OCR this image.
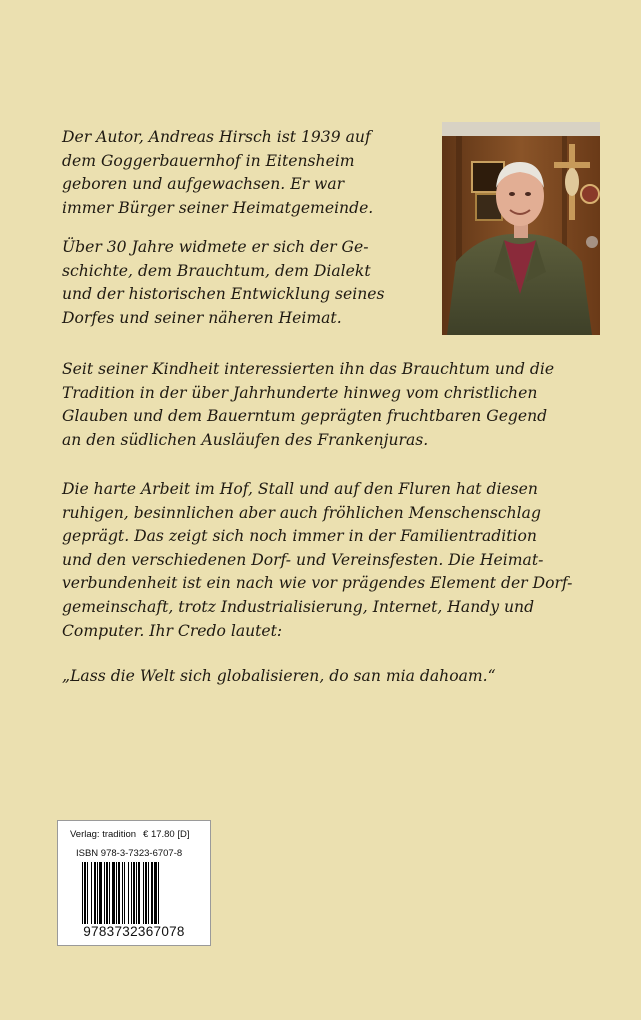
Der Autor, Andreas Hirsch ist 1939 auf
dem Goggerbauernhof in Eitensheim
geboren und aufgewachsen. Er war
immer Bürger seiner Heimatgemeinde.
Über 30 Jahre widmete er sich der Ge-
schichte, dem Brauchtum, dem Dialekt
und der historischen Entwicklung seines
Dorfes und seiner näheren Heimat.
Seit seiner Kindheit interessierten ihn das Brauchtum und die
Tradition in der über Jahrhunderte hinweg vom christlichen
Glauben und dem Bauerntum geprägten fruchtbaren Gegend
an den südlichen Ausläufen des Frankenjuras.
Die harte Arbeit im Hof, Stall und auf den Fluren hat diesen
ruhigen, besinnlichen aber auch fröhlichen Menschenschlag
geprägt. Das zeigt sich noch immer in der Familientradition
und den verschiedenen Dorf- und Vereinsfesten. Die Heimat-
verbundenheit ist ein nach wie vor prägendes Element der Dorf-
gemeinschaft, trotz Industrialisierung, Internet, Handy und
Computer. Ihr Credo lautet:
„Lass die Welt sich globalisieren, do san mia dahoam.“
Verlag: tradition € 17.80 [D]
ISBN 978-3-7323-6707-8
9783732367078
